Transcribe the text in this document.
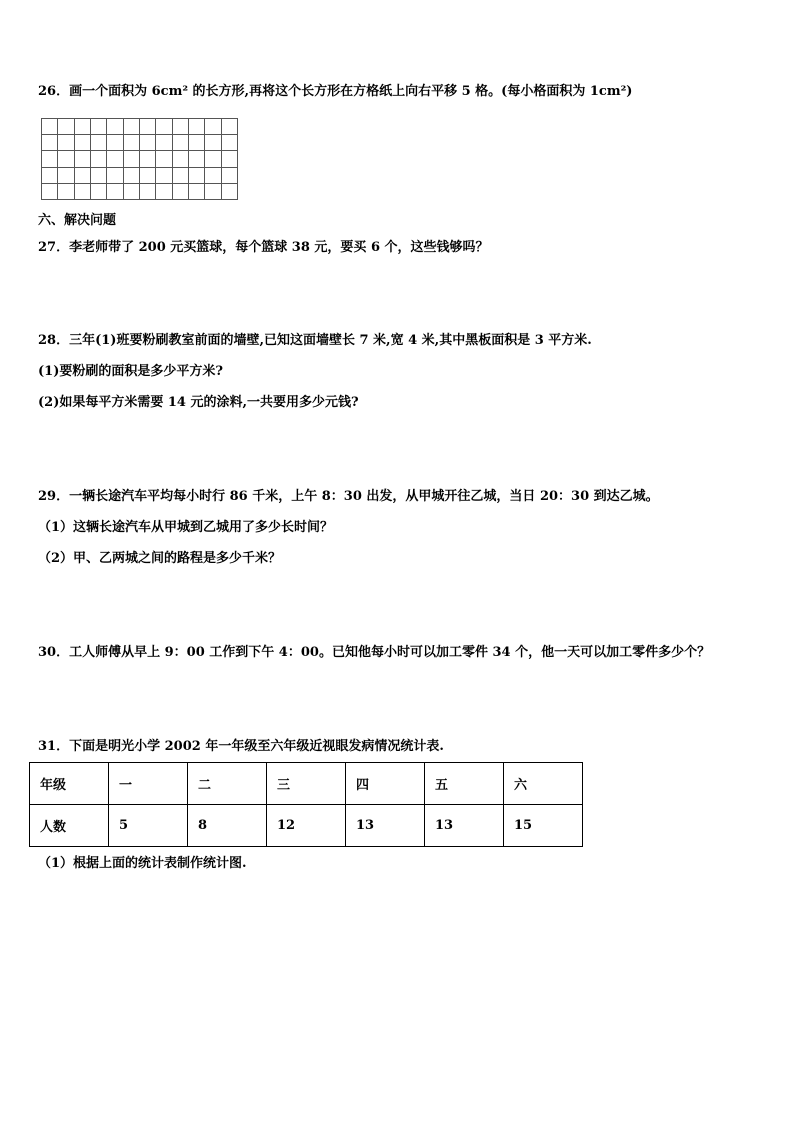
26．画一个面积为 6cm² 的长方形,再将这个长方形在方格纸上向右平移 5 格。(每小格面积为 1cm²)
六、解决问题
27．李老师带了 200 元买篮球，每个篮球 38 元，要买 6 个，这些钱够吗？
28．三年(1)班要粉刷教室前面的墙壁,已知这面墙壁长 7 米,宽 4 米,其中黑板面积是 3 平方米.
(1)要粉刷的面积是多少平方米?
(2)如果每平方米需要 14 元的涂料,一共要用多少元钱?
29．一辆长途汽车平均每小时行 86 千米，上午 8：30 出发，从甲城开往乙城，当日 20：30 到达乙城。
（1）这辆长途汽车从甲城到乙城用了多少长时间？
（2）甲、乙两城之间的路程是多少千米？
30．工人师傅从早上 9：00 工作到下午 4：00。已知他每小时可以加工零件 34 个，他一天可以加工零件多少个？
31．下面是明光小学 2002 年一年级至六年级近视眼发病情况统计表.
年级	一	二	三	四	五	六
人数	5	8	12	13	13	15
（1）根据上面的统计表制作统计图.
